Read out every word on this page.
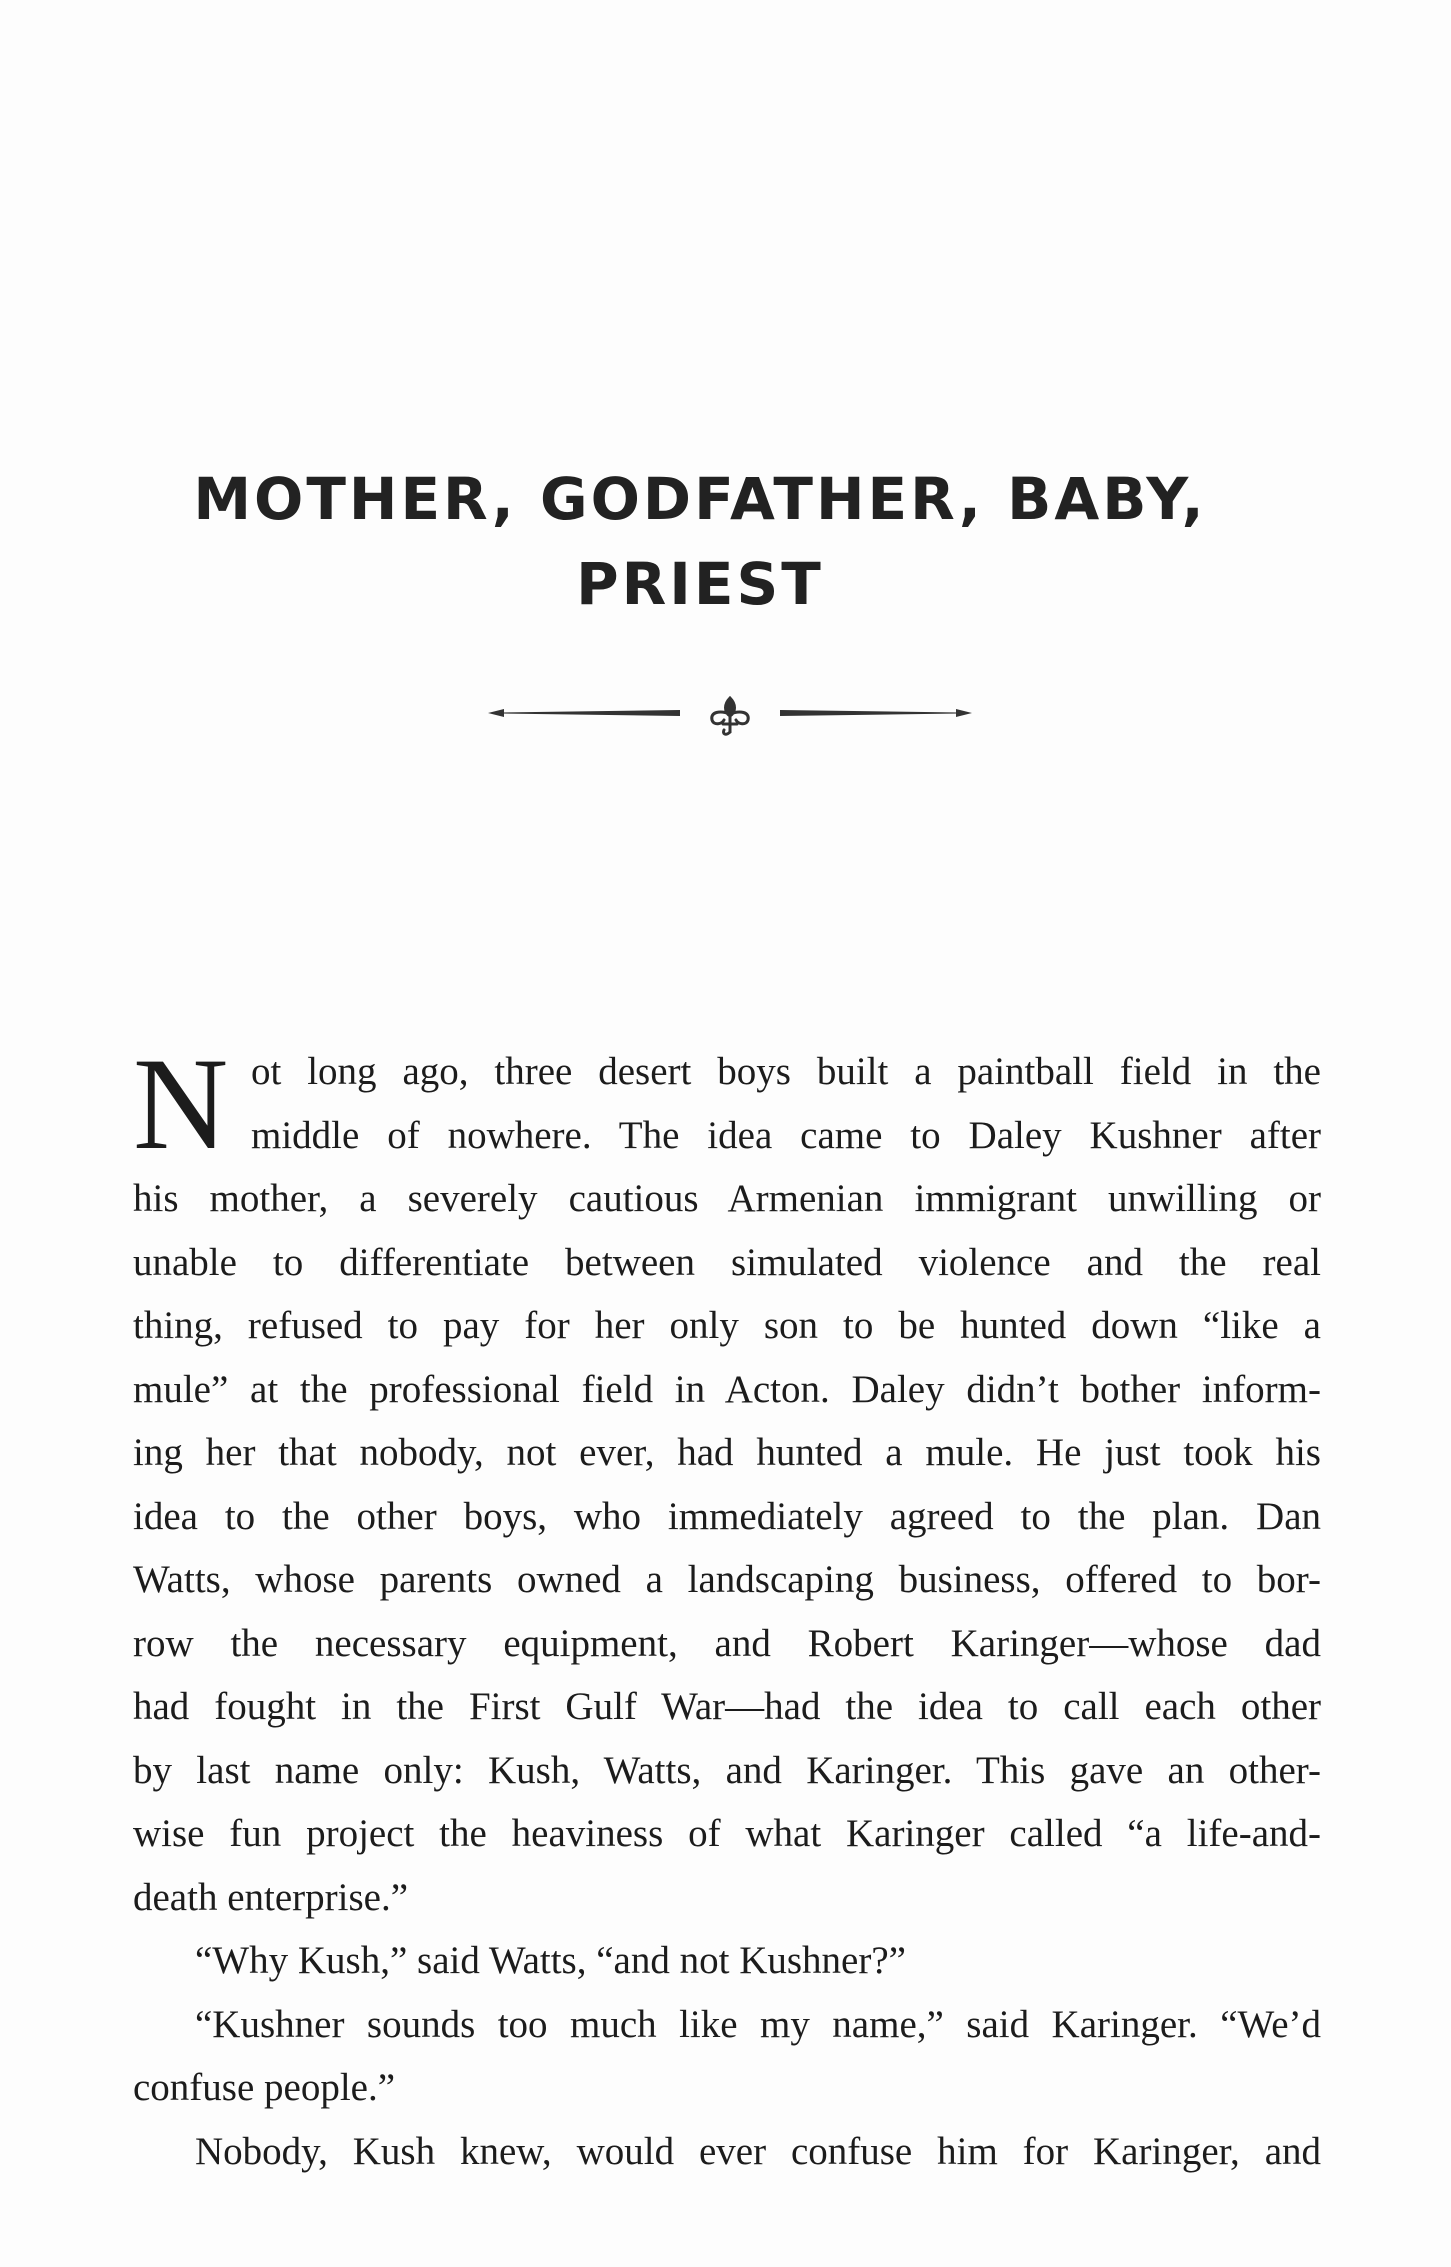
MOTHER, GODFATHER, BABY,
PRIEST
N ot long ago, three desert boys built a paintball field in the
middle of nowhere. The idea came to Daley Kushner after
his mother, a severely cautious Armenian immigrant unwilling or
unable to differentiate between simulated violence and the real
thing, refused to pay for her only son to be hunted down “like a
mule” at the professional field in Acton. Daley didn’t bother inform-
ing her that nobody, not ever, had hunted a mule. He just took his
idea to the other boys, who immediately agreed to the plan. Dan
Watts, whose parents owned a landscaping business, offered to bor-
row the necessary equipment, and Robert Karinger—whose dad
had fought in the First Gulf War—had the idea to call each other
by last name only: Kush, Watts, and Karinger. This gave an other-
wise fun project the heaviness of what Karinger called “a life-and-
death enterprise.”
“Why Kush,” said Watts, “and not Kushner?”
“Kushner sounds too much like my name,” said Karinger. “We’d
confuse people.”
Nobody, Kush knew, would ever confuse him for Karinger, and
